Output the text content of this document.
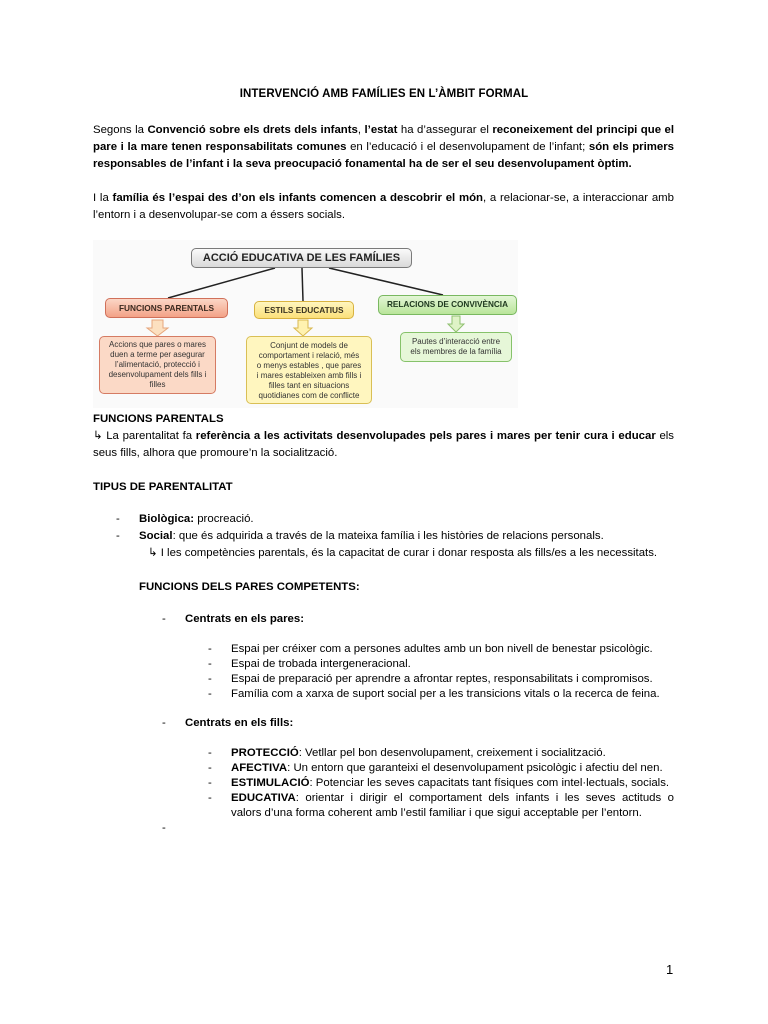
INTERVENCIÓ AMB FAMÍLIES EN L’ÀMBIT FORMAL
Segons la Convenció sobre els drets dels infants, l’estat ha d’assegurar el reconeixement del principi que el
pare i la mare tenen responsabilitats comunes en l’educació i el desenvolupament de l’infant; són els primers
responsables de l’infant i la seva preocupació fonamental ha de ser el seu desenvolupament òptim.
I la família és l’espai des d’on els infants comencen a descobrir el món, a relacionar-se, a interaccionar amb
l’entorn i a desenvolupar-se com a éssers socials.
ACCIÓ EDUCATIVA DE LES FAMÍLIES
FUNCIONS PARENTALS	ESTILS EDUCATIUS
RELACIONS DE CONVIVÈNCIA
Accions que pares o mares
duen a terme per asegurar
l’alimentació, protecció i
desenvolupament dels fills i
filles
Conjunt de models de
comportament i relació, més
o menys estables , que pares
i mares estableixen amb fills i
filles tant en situacions
quotidianes com de conflicte
Pautes d’interacció entre
els membres de la família
FUNCIONS PARENTALS
↳ La parentalitat fa referència a les activitats desenvolupades pels pares i mares per tenir cura i educar els
seus fills, alhora que promoure’n la socialització.
TIPUS DE PARENTALITAT
- Biològica: procreació.
- Social: que és adquirida a través de la mateixa família i les històries de relacions personals.
↳ I les competències parentals, és la capacitat de curar i donar resposta als fills/es a les necessitats.
FUNCIONS DELS PARES COMPETENTS:
- Centrats en els pares:
- Espai per créixer com a persones adultes amb un bon nivell de benestar psicològic.
- Espai de trobada intergeneracional.
- Espai de preparació per aprendre a afrontar reptes, responsabilitats i compromisos.
- Família com a xarxa de suport social per a les transicions vitals o la recerca de feina.
- Centrats en els fills:
- PROTECCIÓ: Vetllar pel bon desenvolupament, creixement i socialització.
- AFECTIVA: Un entorn que garanteixi el desenvolupament psicològic i afectiu del nen.
- ESTIMULACIÓ: Potenciar les seves capacitats tant físiques com intel·lectuals, socials.
- EDUCATIVA: orientar i dirigir el comportament dels infants i les seves actituds o
valors d’una forma coherent amb l’estil familiar i que sigui acceptable per l’entorn.
-
1
